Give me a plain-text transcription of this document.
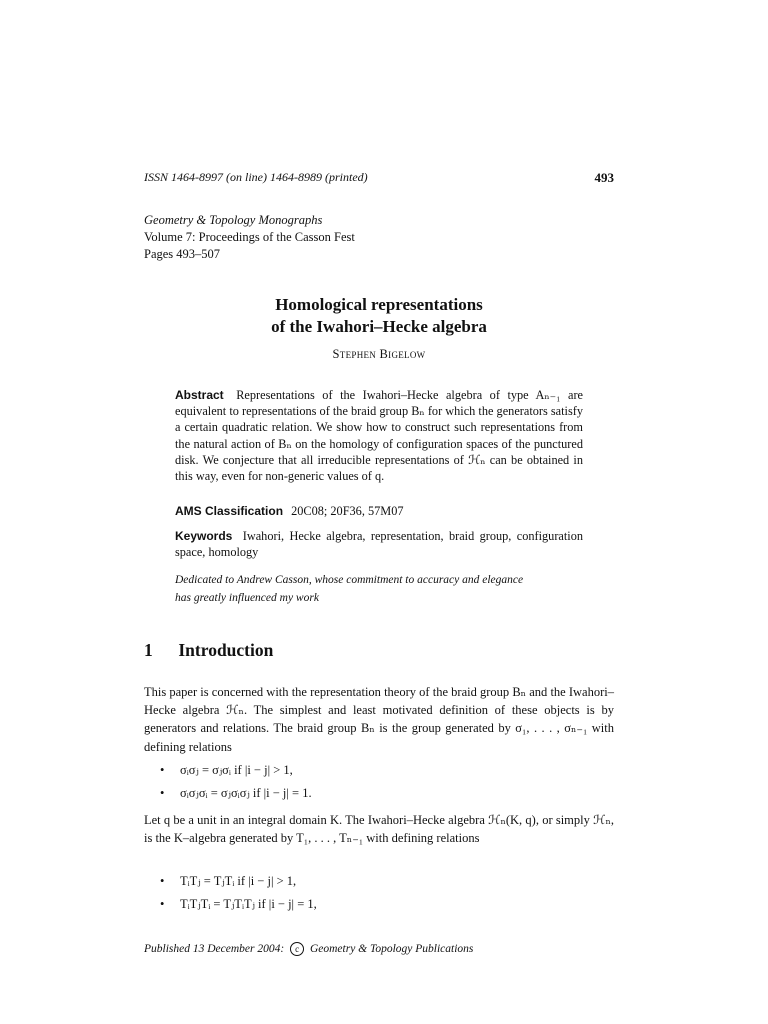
ISSN 1464-8997 (on line) 1464-8989 (printed)	493
Geometry & Topology Monographs
Volume 7: Proceedings of the Casson Fest
Pages 493–507
Homological representations
of the Iwahori–Hecke algebra
Stephen Bigelow
Abstract Representations of the Iwahori–Hecke algebra of type Aₙ₋₁ are equivalent to representations of the braid group Bₙ for which the generators satisfy a certain quadratic relation. We show how to construct such representations from the natural action of Bₙ on the homology of configuration spaces of the punctured disk. We conjecture that all irreducible representations of ℋₙ can be obtained in this way, even for non-generic values of q.
AMS Classification 20C08; 20F36, 57M07
Keywords Iwahori, Hecke algebra, representation, braid group, configuration space, homology
Dedicated to Andrew Casson, whose commitment to accuracy and elegance
has greatly influenced my work
1 Introduction
This paper is concerned with the representation theory of the braid group Bₙ and the Iwahori–Hecke algebra ℋₙ. The simplest and least motivated definition of these objects is by generators and relations. The braid group Bₙ is the group generated by σ₁, . . . , σₙ₋₁ with defining relations
• σᵢσⱼ = σⱼσᵢ if |i − j| > 1,
• σᵢσⱼσᵢ = σⱼσᵢσⱼ if |i − j| = 1.
Let q be a unit in an integral domain K. The Iwahori–Hecke algebra ℋₙ(K, q), or simply ℋₙ, is the K–algebra generated by T₁, . . . , Tₙ₋₁ with defining relations
• TᵢTⱼ = TⱼTᵢ if |i − j| > 1,
• TᵢTⱼTᵢ = TⱼTᵢTⱼ if |i − j| = 1,
Published 13 December 2004: c Geometry & Topology Publications
